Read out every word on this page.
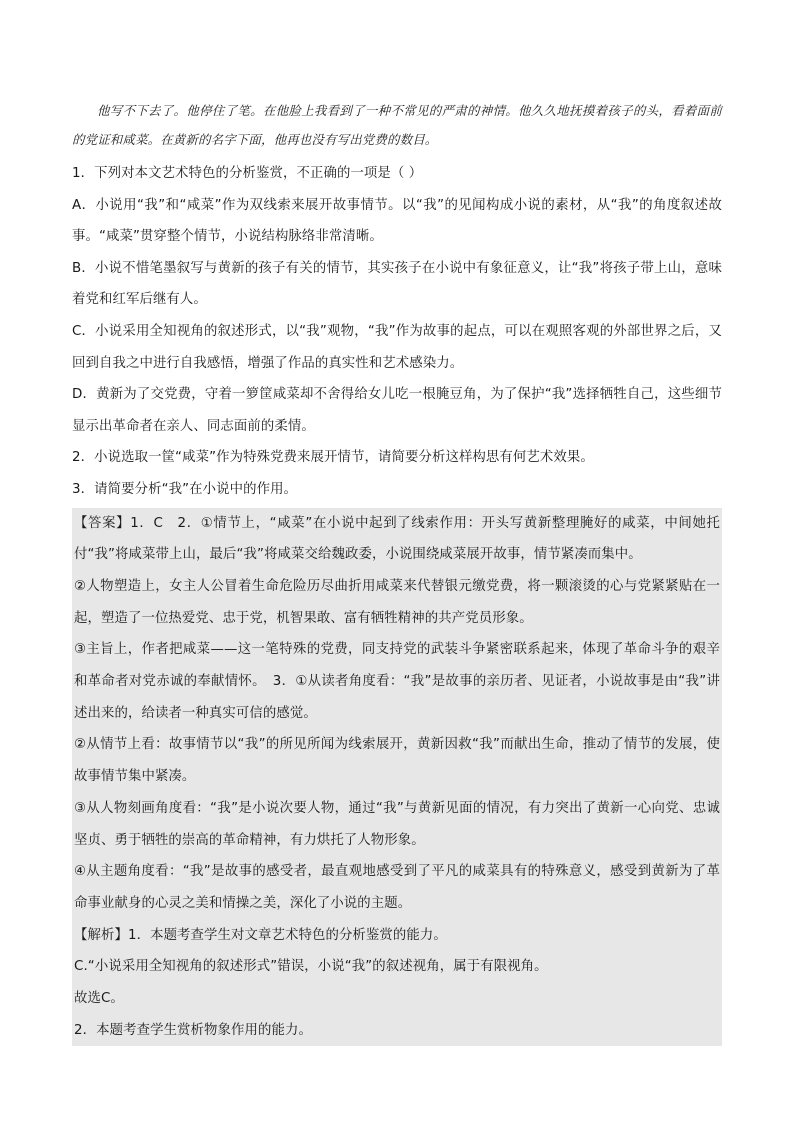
他写不下去了。他停住了笔。在他脸上我看到了一种不常见的严肃的神情。他久久地抚摸着孩子的头，看着面前的党证和咸菜。在黄新的名字下面，他再也没有写出党费的数目。

1．下列对本文艺术特色的分析鉴赏，不正确的一项是（ ）

A．小说用“我”和“咸菜”作为双线索来展开故事情节。以“我”的见闻构成小说的素材，从“我”的角度叙述故事。“咸菜”贯穿整个情节，小说结构脉络非常清晰。

B．小说不惜笔墨叙写与黄新的孩子有关的情节，其实孩子在小说中有象征意义，让“我”将孩子带上山，意味着党和红军后继有人。

C．小说采用全知视角的叙述形式，以“我”观物，“我”作为故事的起点，可以在观照客观的外部世界之后，又回到自我之中进行自我感悟，增强了作品的真实性和艺术感染力。

D．黄新为了交党费，守着一箩筐咸菜却不舍得给女儿吃一根腌豆角，为了保护“我”选择牺牲自己，这些细节显示出革命者在亲人、同志面前的柔情。

2．小说选取一筐“咸菜”作为特殊党费来展开情节，请简要分析这样构思有何艺术效果。

3．请简要分析“我”在小说中的作用。

【答案】1．C　2．①情节上，“咸菜”在小说中起到了线索作用：开头写黄新整理腌好的咸菜，中间她托付“我”将咸菜带上山，最后“我”将咸菜交给魏政委，小说围绕咸菜展开故事，情节紧凑而集中。

②人物塑造上，女主人公冒着生命危险历尽曲折用咸菜来代替银元缴党费，将一颗滚烫的心与党紧紧贴在一起，塑造了一位热爱党、忠于党，机智果敢、富有牺牲精神的共产党员形象。

③主旨上，作者把咸菜——这一笔特殊的党费，同支持党的武装斗争紧密联系起来，体现了革命斗争的艰辛和革命者对党赤诚的奉献情怀。　3．①从读者角度看：“我”是故事的亲历者、见证者，小说故事是由“我”讲述出来的，给读者一种真实可信的感觉。

②从情节上看：故事情节以“我”的所见所闻为线索展开，黄新因救“我”而献出生命，推动了情节的发展，使故事情节集中紧凑。

③从人物刻画角度看：“我”是小说次要人物，通过“我”与黄新见面的情况，有力突出了黄新一心向党、忠诚坚贞、勇于牺牲的崇高的革命精神，有力烘托了人物形象。

④从主题角度看：“我”是故事的感受者，最直观地感受到了平凡的咸菜具有的特殊意义，感受到黄新为了革命事业献身的心灵之美和情操之美，深化了小说的主题。

【解析】1．本题考查学生对文章艺术特色的分析鉴赏的能力。

C.“小说采用全知视角的叙述形式”错误，小说“我”的叙述视角，属于有限视角。

故选C。

2．本题考查学生赏析物象作用的能力。
